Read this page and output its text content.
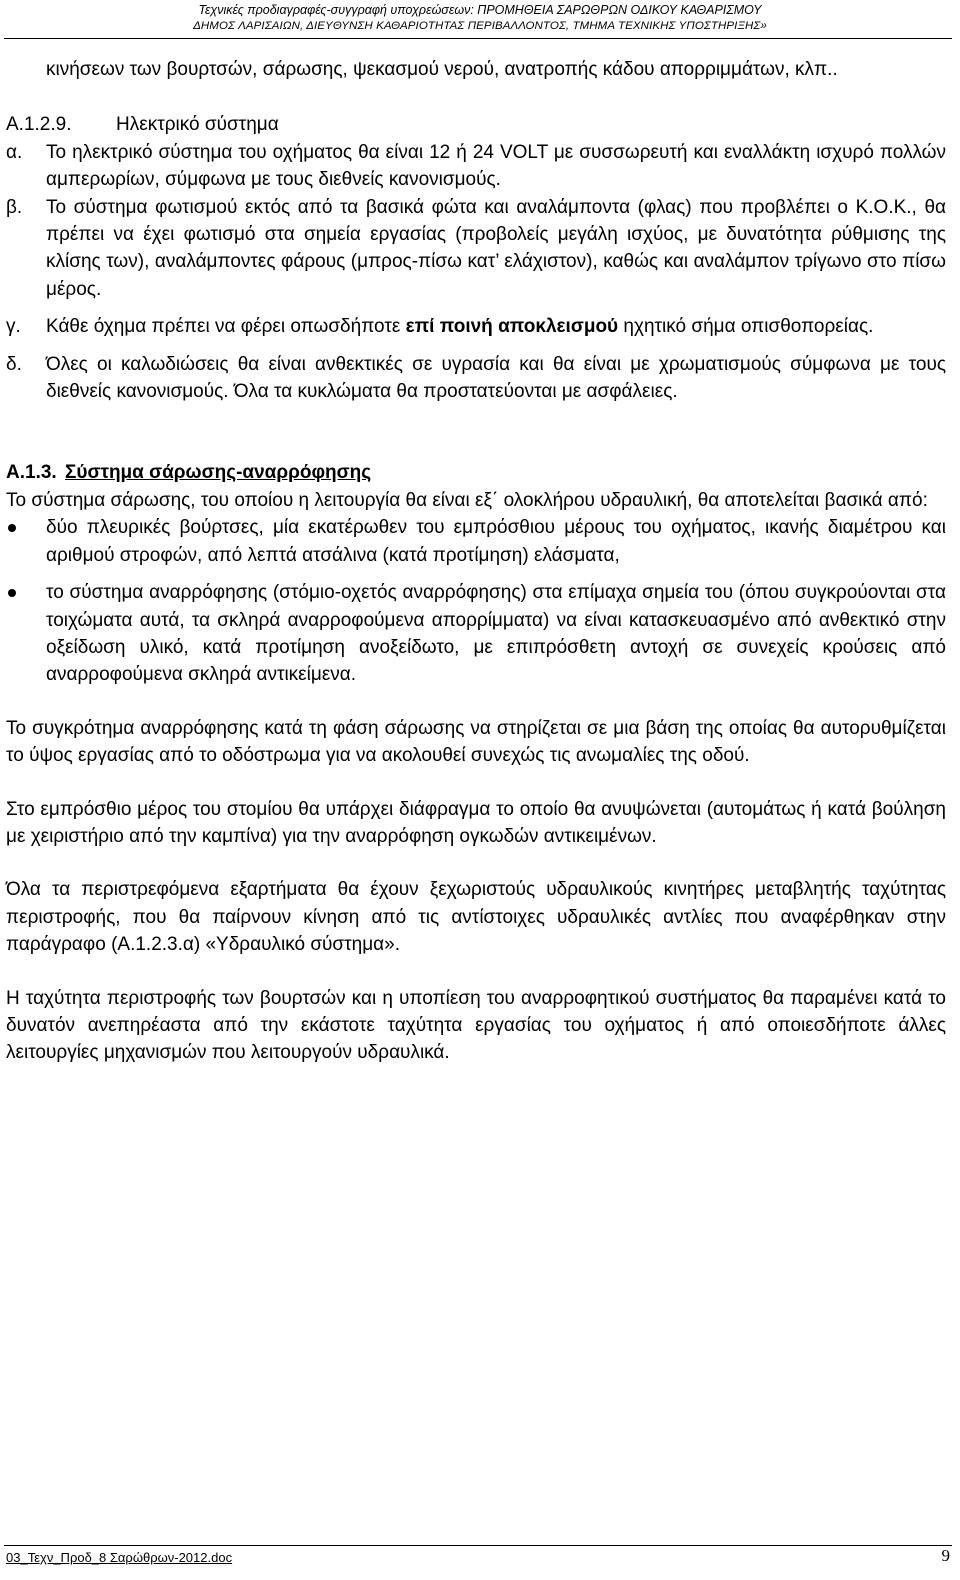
Τεχνικές προδιαγραφές-συγγραφή υποχρεώσεων: ΠΡΟΜΗΘΕΙΑ ΣΑΡΩΘΡΩΝ ΟΔΙΚΟΥ ΚΑΘΑΡΙΣΜΟΥ
ΔΗΜΟΣ ΛΑΡΙΣΑΙΩΝ, ΔΙΕΥΘΥΝΣΗ ΚΑΘΑΡΙΟΤΗΤΑΣ ΠΕΡΙΒΑΛΛΟΝΤΟΣ, ΤΜΗΜΑ ΤΕΧΝΙΚΗΣ ΥΠΟΣΤΗΡΙΞΗΣ»

κινήσεων των βουρτσών, σάρωσης, ψεκασμού νερού, ανατροπής κάδου απορριμμάτων, κλπ..

Α.1.2.9.	Ηλεκτρικό σύστημα

α. Το ηλεκτρικό σύστημα του οχήματος θα είναι 12 ή 24 VOLT με συσσωρευτή και εναλλάκτη ισχυρό πολλών αμπερωρίων, σύμφωνα με τους διεθνείς κανονισμούς.

β. Το σύστημα φωτισμού εκτός από τα βασικά φώτα και αναλάμποντα (φλας) που προβλέπει ο Κ.Ο.Κ., θα πρέπει να έχει φωτισμό στα σημεία εργασίας (προβολείς μεγάλη ισχύος, με δυνατότητα ρύθμισης της κλίσης των), αναλάμποντες φάρους (μπρος-πίσω κατ’ ελάχιστον), καθώς και αναλάμπον τρίγωνο στο πίσω μέρος.

γ. Κάθε όχημα πρέπει να φέρει οπωσδήποτε επί ποινή αποκλεισμού ηχητικό σήμα οπισθοπορείας.

δ. Όλες οι καλωδιώσεις θα είναι ανθεκτικές σε υγρασία και θα είναι με χρωματισμούς σύμφωνα με τους διεθνείς κανονισμούς. Όλα τα κυκλώματα θα προστατεύονται με ασφάλειες.

Α.1.3. Σύστημα σάρωσης-αναρρόφησης

Το σύστημα σάρωσης, του οποίου η λειτουργία θα είναι εξ΄ ολοκλήρου υδραυλική, θα αποτελείται βασικά από:

δύο πλευρικές βούρτσες, μία εκατέρωθεν του εμπρόσθιου μέρους του οχήματος, ικανής διαμέτρου και αριθμού στροφών, από λεπτά ατσάλινα (κατά προτίμηση) ελάσματα,
το σύστημα αναρρόφησης (στόμιο-οχετός αναρρόφησης) στα επίμαχα σημεία του (όπου συγκρούονται στα τοιχώματα αυτά, τα σκληρά αναρροφούμενα απορρίμματα) να είναι κατασκευασμένο από ανθεκτικό στην οξείδωση υλικό, κατά προτίμηση ανοξείδωτο, με επιπρόσθετη αντοχή σε συνεχείς κρούσεις από αναρροφούμενα σκληρά αντικείμενα.

Το συγκρότημα αναρρόφησης κατά τη φάση σάρωσης να στηρίζεται σε μια βάση της οποίας θα αυτορυθμίζεται το ύψος εργασίας από το οδόστρωμα για να ακολουθεί συνεχώς τις ανωμαλίες της οδού.

Στο εμπρόσθιο μέρος του στομίου θα υπάρχει διάφραγμα το οποίο θα ανυψώνεται (αυτομάτως ή κατά βούληση με χειριστήριο από την καμπίνα) για την αναρρόφηση ογκωδών αντικειμένων.

Όλα τα περιστρεφόμενα εξαρτήματα θα έχουν ξεχωριστούς υδραυλικούς κινητήρες μεταβλητής ταχύτητας περιστροφής, που θα παίρνουν κίνηση από τις αντίστοιχες υδραυλικές αντλίες που αναφέρθηκαν στην παράγραφο (Α.1.2.3.α) «Υδραυλικό σύστημα».

Η ταχύτητα περιστροφής των βουρτσών και η υποπίεση του αναρροφητικού συστήματος θα παραμένει κατά το δυνατόν ανεπηρέαστα από την εκάστοτε ταχύτητα εργασίας του οχήματος ή από οποιεσδήποτε άλλες λειτουργίες μηχανισμών που λειτουργούν υδραυλικά.

03_Τεχν_Προδ_8 Σαρώθρων-2012.doc	9
